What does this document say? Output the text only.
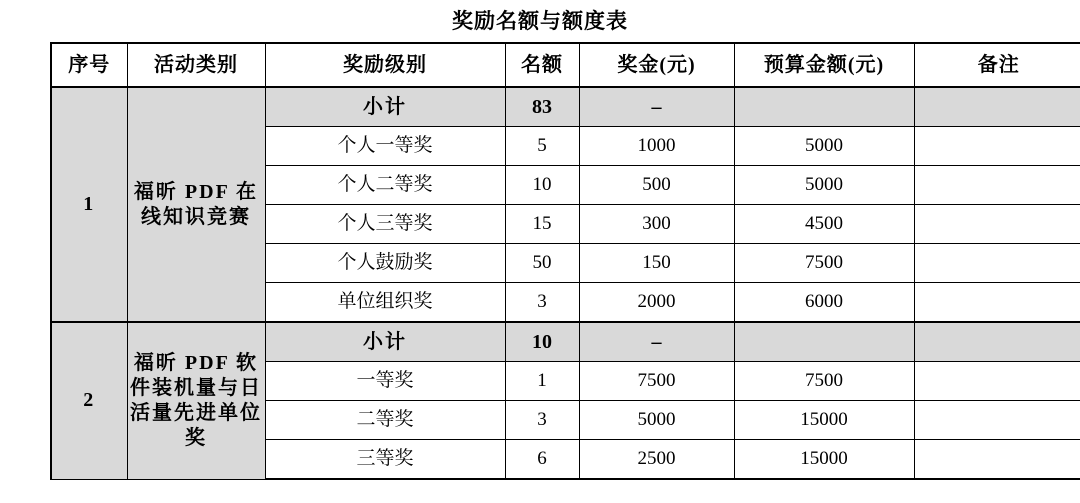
奖励名额与额度表
序号	活动类别	奖励级别	名额	奖金(元)	预算金额(元)	备注
1	福昕 PDF 在线知识竞赛	小计	83	–		
		个人一等奖	5	1000	5000	
		个人二等奖	10	500	5000	
		个人三等奖	15	300	4500	
		个人鼓励奖	50	150	7500	
		单位组织奖	3	2000	6000	
2	福昕 PDF 软件装机量与日活量先进单位奖	小计	10	–		
		一等奖	1	7500	7500	
		二等奖	3	5000	15000	
		三等奖	6	2500	15000	
